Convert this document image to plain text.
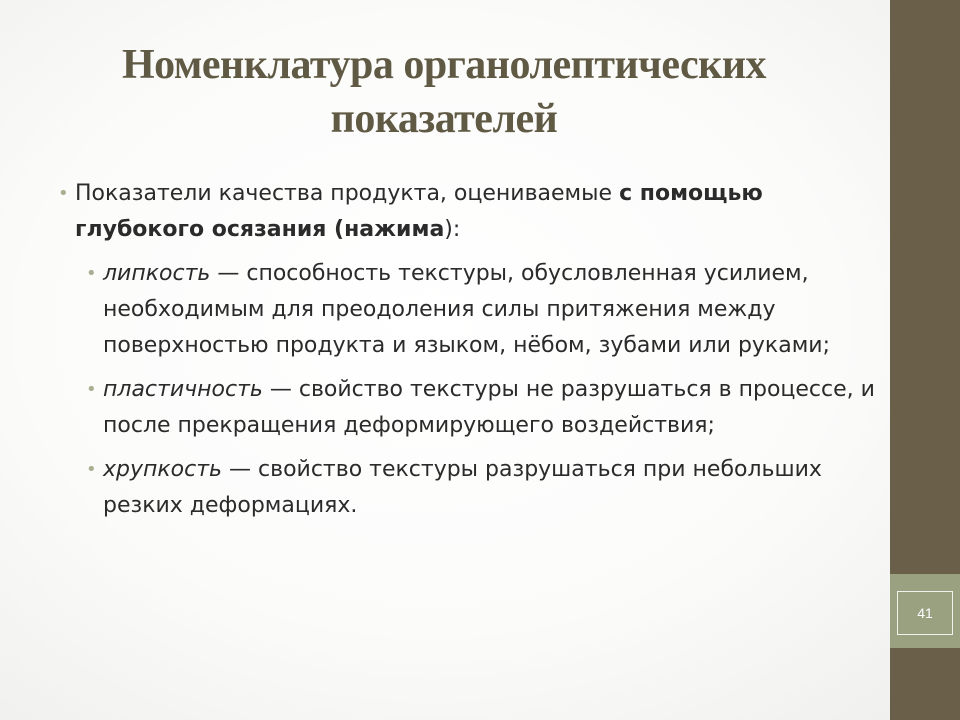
41
Номенклатура органолептических
показателей
• Показатели качества продукта, оцениваемые с помощью глубокого осязания (нажима):
• липкость — способность текстуры, обусловленная усилием, необходимым для преодоления силы притяжения между поверхностью продукта и языком, нёбом, зубами или руками;
• пластичность — свойство текстуры не разрушаться в процессе, и после прекращения деформирующего воздействия;
• хрупкость — свойство текстуры разрушаться при небольших резких деформациях.
